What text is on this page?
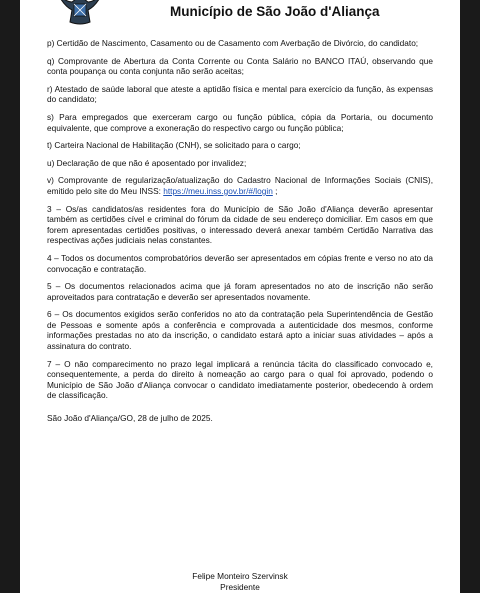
Município de São João d'Aliança

p) Certidão de Nascimento, Casamento ou de Casamento com Averbação de Divórcio, do candidato;

q) Comprovante de Abertura da Conta Corrente ou Conta Salário no BANCO ITAÚ, observando que conta poupança ou conta conjunta não serão aceitas;

r) Atestado de saúde laboral que ateste a aptidão física e mental para exercício da função, às expensas do candidato;

s) Para empregados que exerceram cargo ou função pública, cópia da Portaria, ou documento equivalente, que comprove a exoneração do respectivo cargo ou função pública;

t) Carteira Nacional de Habilitação (CNH), se solicitado para o cargo;

u) Declaração de que não é aposentado por invalidez;

v) Comprovante de regularização/atualização do Cadastro Nacional de Informações Sociais (CNIS), emitido pelo site do Meu INSS: https://meu.inss.gov.br/#/login ;

3 – Os/as candidatos/as residentes fora do Município de São João d'Aliança deverão apresentar também as certidões cível e criminal do fórum da cidade de seu endereço domiciliar. Em casos em que forem apresentadas certidões positivas, o interessado deverá anexar também Certidão Narrativa das respectivas ações judiciais nelas constantes.

4 – Todos os documentos comprobatórios deverão ser apresentados em cópias frente e verso no ato da convocação e contratação.

5 – Os documentos relacionados acima que já foram apresentados no ato de inscrição não serão aproveitados para contratação e deverão ser apresentados novamente.

6 – Os documentos exigidos serão conferidos no ato da contratação pela Superintendência de Gestão de Pessoas e somente após a conferência e comprovada a autenticidade dos mesmos, conforme informações prestadas no ato da inscrição, o candidato estará apto a iniciar suas atividades – após a assinatura do contrato.

7 – O não comparecimento no prazo legal implicará a renúncia tácita do classificado convocado e, consequentemente, a perda do direito à nomeação ao cargo para o qual foi aprovado, podendo o Município de São João d'Aliança convocar o candidato imediatamente posterior, obedecendo à ordem de classificação.

São João d'Aliança/GO, 28 de julho de 2025.

Felipe Monteiro Szervinsk
Presidente
